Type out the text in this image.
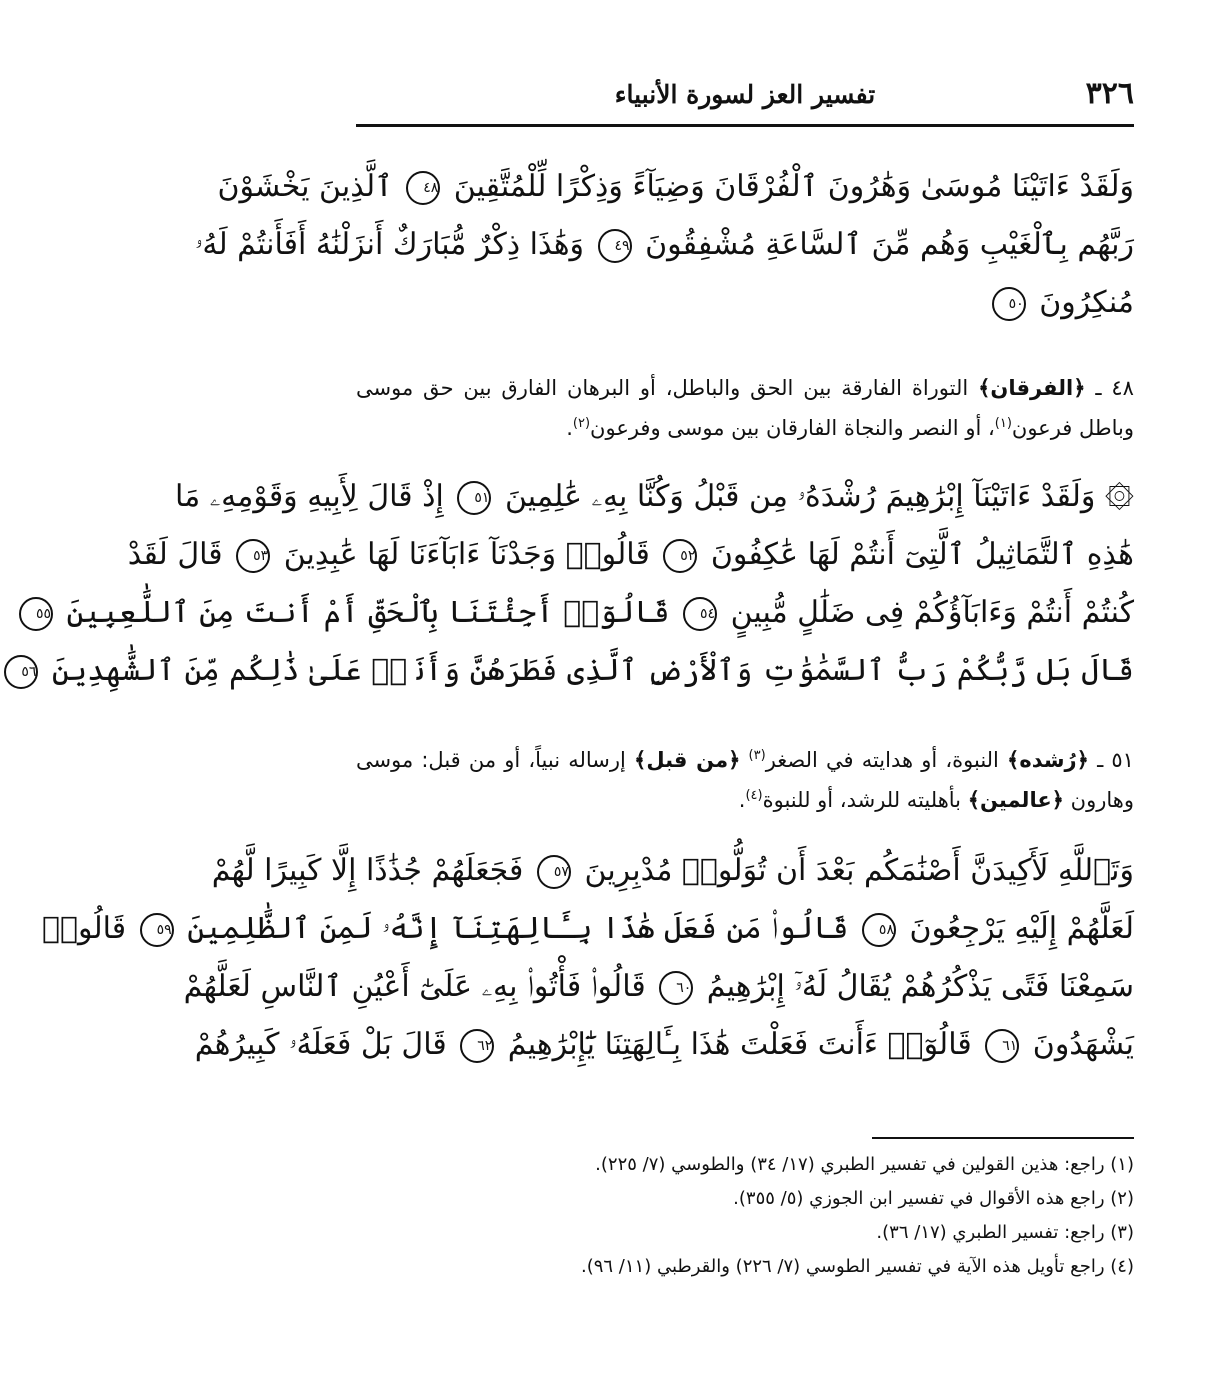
٣٢٦
تفسير العز لسورة الأنبياء
وَلَقَدْ ءَاتَيْنَا مُوسَىٰ وَهَٰرُونَ ٱلْفُرْقَانَ وَضِيَآءً وَذِكْرًا لِّلْمُتَّقِينَ ٤٨ ٱلَّذِينَ يَخْشَوْنَ
رَبَّهُم بِٱلْغَيْبِ وَهُم مِّنَ ٱلسَّاعَةِ مُشْفِقُونَ ٤٩ وَهَٰذَا ذِكْرٌ مُّبَارَكٌ أَنزَلْنَٰهُ أَفَأَنتُمْ لَهُۥ
مُنكِرُونَ ٥٠
٤٨ ـ ﴿الفرقان﴾ التوراة الفارقة بين الحق والباطل، أو البرهان الفارق بين حق موسى وباطل فرعون$^{(١)}$، أو النصر والنجاة الفارقان بين موسى وفرعون$^{(٢)}$.
۞ وَلَقَدْ ءَاتَيْنَآ إِبْرَٰهِيمَ رُشْدَهُۥ مِن قَبْلُ وَكُنَّا بِهِۦ عَٰلِمِينَ ٥١ إِذْ قَالَ لِأَبِيهِ وَقَوْمِهِۦ مَا
هَٰذِهِ ٱلتَّمَاثِيلُ ٱلَّتِىٓ أَنتُمْ لَهَا عَٰكِفُونَ ٥٢ قَالُوا۟ وَجَدْنَآ ءَابَآءَنَا لَهَا عَٰبِدِينَ ٥٣ قَالَ لَقَدْ
كُنتُمْ أَنتُمْ وَءَابَآؤُكُمْ فِى ضَلَٰلٍ مُّبِينٍ ٥٤ قَالُوٓا۟ أَجِئْتَنَا بِٱلْحَقِّ أَمْ أَنتَ مِنَ ٱللَّٰعِبِينَ ٥٥
قَالَ بَل رَّبُّكُمْ رَبُّ ٱلسَّمَٰوَٰتِ وَٱلْأَرْضِ ٱلَّذِى فَطَرَهُنَّ وَأَنَا۠ عَلَىٰ ذَٰلِكُم مِّنَ ٱلشَّٰهِدِينَ ٥٦
٥١ ـ ﴿رُشده﴾ النبوة، أو هدايته في الصغر$^{(٣)}$ ﴿من قبل﴾ إرساله نبياً، أو من قبل: موسى وهارون ﴿عالمين﴾ بأهليته للرشد، أو للنبوة$^{(٤)}$.
وَتَٱللَّهِ لَأَكِيدَنَّ أَصْنَٰمَكُم بَعْدَ أَن تُوَلُّوا۟ مُدْبِرِينَ ٥٧ فَجَعَلَهُمْ جُذَٰذًا إِلَّا كَبِيرًا لَّهُمْ
لَعَلَّهُمْ إِلَيْهِ يَرْجِعُونَ ٥٨ قَالُوا۟ مَن فَعَلَ هَٰذَا بِـَٔالِهَتِنَآ إِنَّهُۥ لَمِنَ ٱلظَّٰلِمِينَ ٥٩ قَالُوا۟
سَمِعْنَا فَتًى يَذْكُرُهُمْ يُقَالُ لَهُۥٓ إِبْرَٰهِيمُ ٦٠ قَالُوا۟ فَأْتُوا۟ بِهِۦ عَلَىٰٓ أَعْيُنِ ٱلنَّاسِ لَعَلَّهُمْ
يَشْهَدُونَ ٦١ قَالُوٓا۟ ءَأَنتَ فَعَلْتَ هَٰذَا بِـَٔالِهَتِنَا يَٰٓإِبْرَٰهِيمُ ٦٢ قَالَ بَلْ فَعَلَهُۥ كَبِيرُهُمْ
(١) راجع: هذين القولين في تفسير الطبري (١٧/ ٣٤) والطوسي (٧/ ٢٢٥).
(٢) راجع هذه الأقوال في تفسير ابن الجوزي (٥/ ٣٥٥).
(٣) راجع: تفسير الطبري (١٧/ ٣٦).
(٤) راجع تأويل هذه الآية في تفسير الطوسي (٧/ ٢٢٦) والقرطبي (١١/ ٩٦).
